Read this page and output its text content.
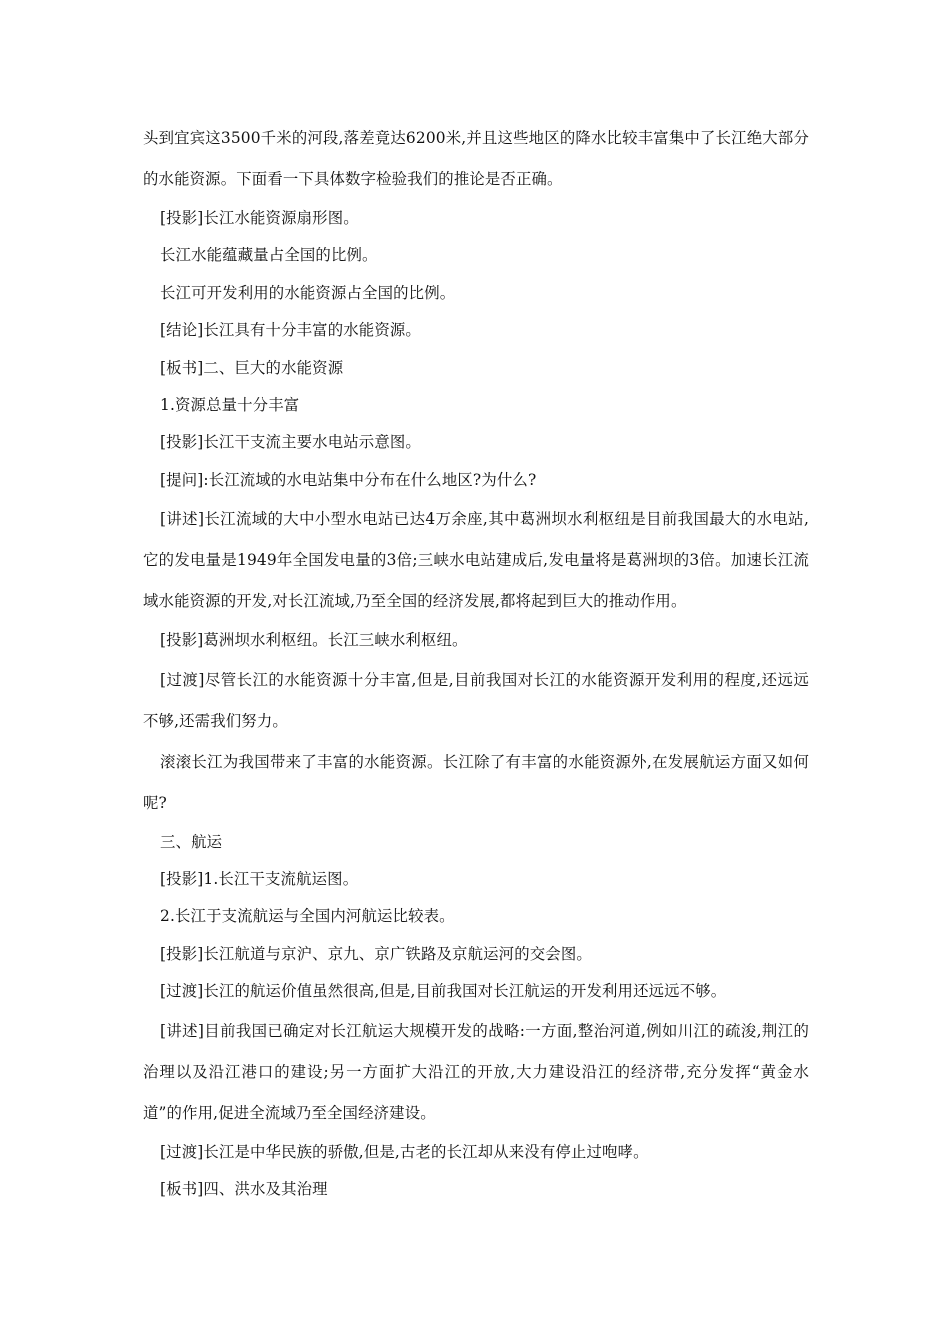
头到宜宾这3500千米的河段,落差竟达6200米,并且这些地区的降水比较丰富集中了长江绝大部分的水能资源。下面看一下具体数字检验我们的推论是否正确。

[投影]长江水能资源扇形图。

长江水能蕴藏量占全国的比例。

长江可开发利用的水能资源占全国的比例。

[结论]长江具有十分丰富的水能资源。

[板书]二、巨大的水能资源

1.资源总量十分丰富

[投影]长江干支流主要水电站示意图。

[提问]:长江流域的水电站集中分布在什么地区?为什么?

[讲述]长江流域的大中小型水电站已达4万余座,其中葛洲坝水利枢纽是目前我国最大的水电站,它的发电量是1949年全国发电量的3倍;三峡水电站建成后,发电量将是葛洲坝的3倍。加速长江流域水能资源的开发,对长江流域,乃至全国的经济发展,都将起到巨大的推动作用。

[投影]葛洲坝水利枢纽。长江三峡水利枢纽。

[过渡]尽管长江的水能资源十分丰富,但是,目前我国对长江的水能资源开发利用的程度,还远远不够,还需我们努力。

滚滚长江为我国带来了丰富的水能资源。长江除了有丰富的水能资源外,在发展航运方面又如何呢?

三、航运

[投影]1.长江干支流航运图。

2.长江于支流航运与全国内河航运比较表。

[投影]长江航道与京沪、京九、京广铁路及京航运河的交会图。

[过渡]长江的航运价值虽然很高,但是,目前我国对长江航运的开发利用还远远不够。

[讲述]目前我国已确定对长江航运大规模开发的战略:一方面,整治河道,例如川江的疏浚,荆江的治理以及沿江港口的建设;另一方面扩大沿江的开放,大力建设沿江的经济带,充分发挥“黄金水道”的作用,促进全流域乃至全国经济建设。

[过渡]长江是中华民族的骄傲,但是,古老的长江却从来没有停止过咆哮。

[板书]四、洪水及其治理
